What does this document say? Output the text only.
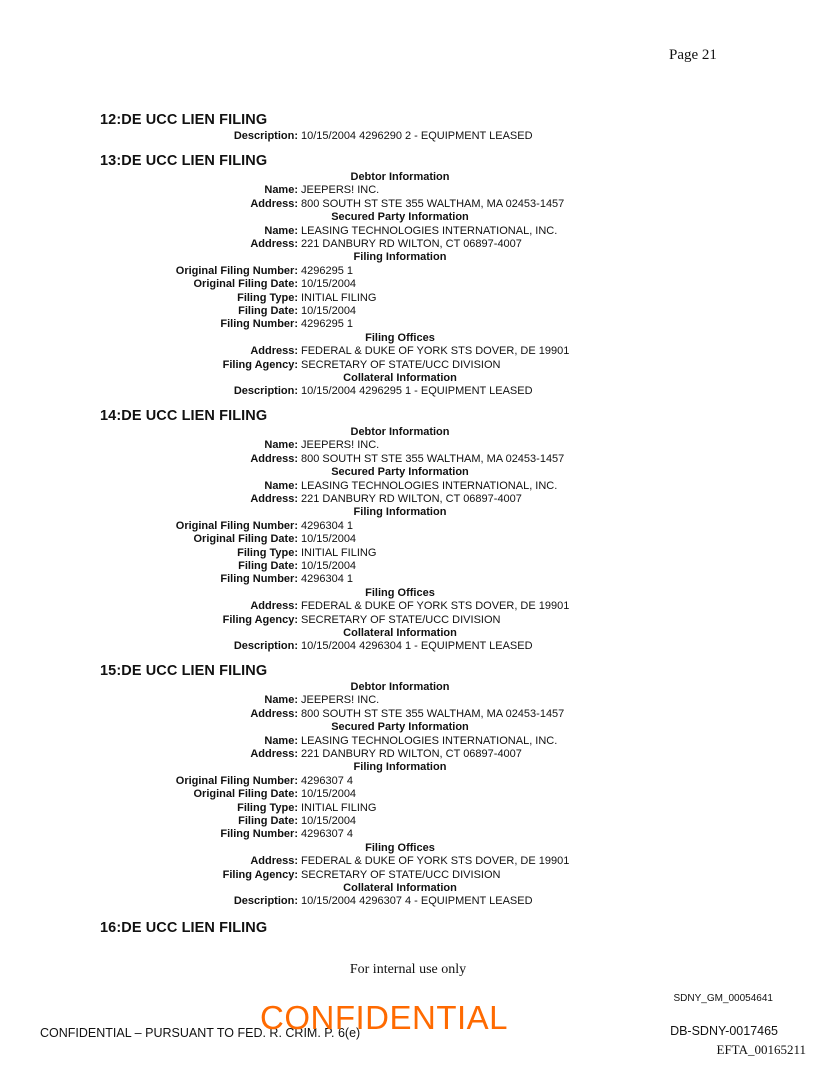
Page 21
12:DE UCC LIEN FILING
Description: 10/15/2004 4296290 2 - EQUIPMENT LEASED
13:DE UCC LIEN FILING
Debtor Information
Name: JEEPERS! INC.
Address: 800 SOUTH ST STE 355 WALTHAM, MA 02453-1457
Secured Party Information
Name: LEASING TECHNOLOGIES INTERNATIONAL, INC.
Address: 221 DANBURY RD WILTON, CT 06897-4007
Filing Information
Original Filing Number: 4296295 1
Original Filing Date: 10/15/2004
Filing Type: INITIAL FILING
Filing Date: 10/15/2004
Filing Number: 4296295 1
Filing Offices
Address: FEDERAL & DUKE OF YORK STS DOVER, DE 19901
Filing Agency: SECRETARY OF STATE/UCC DIVISION
Collateral Information
Description: 10/15/2004 4296295 1 - EQUIPMENT LEASED
14:DE UCC LIEN FILING
Debtor Information
Name: JEEPERS! INC.
Address: 800 SOUTH ST STE 355 WALTHAM, MA 02453-1457
Secured Party Information
Name: LEASING TECHNOLOGIES INTERNATIONAL, INC.
Address: 221 DANBURY RD WILTON, CT 06897-4007
Filing Information
Original Filing Number: 4296304 1
Original Filing Date: 10/15/2004
Filing Type: INITIAL FILING
Filing Date: 10/15/2004
Filing Number: 4296304 1
Filing Offices
Address: FEDERAL & DUKE OF YORK STS DOVER, DE 19901
Filing Agency: SECRETARY OF STATE/UCC DIVISION
Collateral Information
Description: 10/15/2004 4296304 1 - EQUIPMENT LEASED
15:DE UCC LIEN FILING
Debtor Information
Name: JEEPERS! INC.
Address: 800 SOUTH ST STE 355 WALTHAM, MA 02453-1457
Secured Party Information
Name: LEASING TECHNOLOGIES INTERNATIONAL, INC.
Address: 221 DANBURY RD WILTON, CT 06897-4007
Filing Information
Original Filing Number: 4296307 4
Original Filing Date: 10/15/2004
Filing Type: INITIAL FILING
Filing Date: 10/15/2004
Filing Number: 4296307 4
Filing Offices
Address: FEDERAL & DUKE OF YORK STS DOVER, DE 19901
Filing Agency: SECRETARY OF STATE/UCC DIVISION
Collateral Information
Description: 10/15/2004 4296307 4 - EQUIPMENT LEASED
16:DE UCC LIEN FILING
For internal use only
SDNY_GM_00054641
CONFIDENTIAL – PURSUANT TO FED. R. CRIM. P. 6(e)
CONFIDENTIAL	DB-SDNY-0017465
EFTA_00165211
